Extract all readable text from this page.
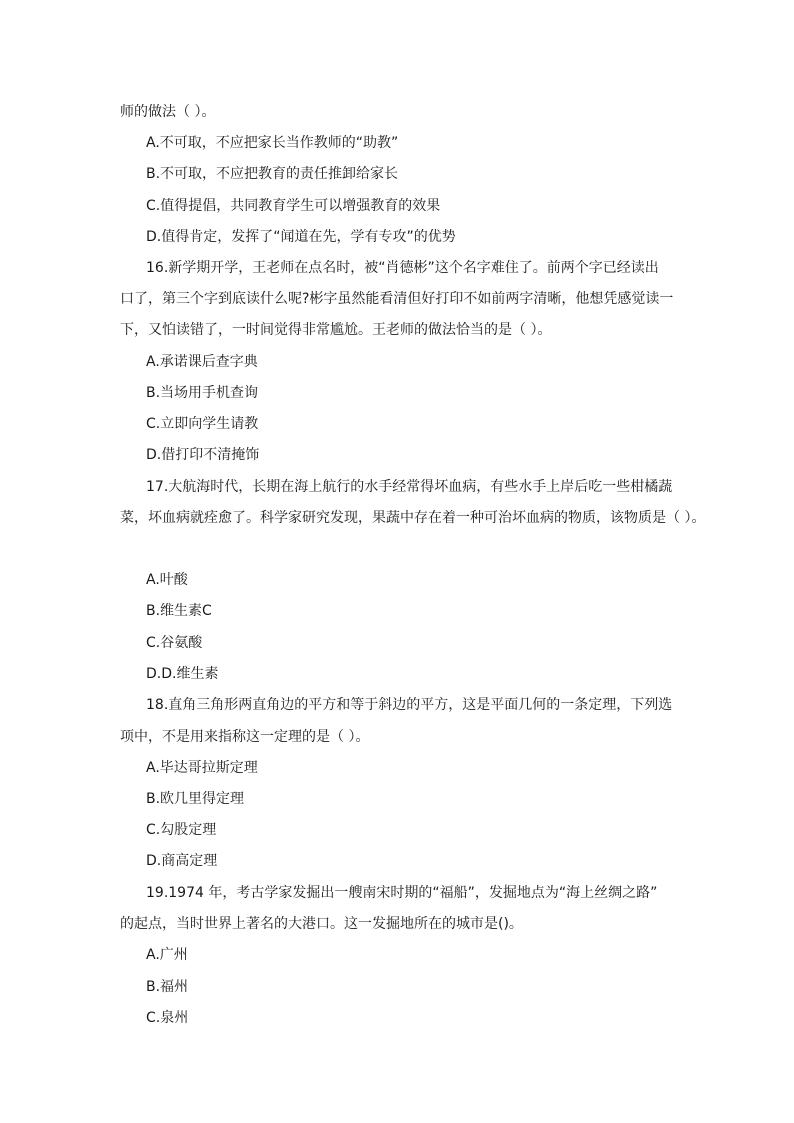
师的做法（ ）。
A.不可取，不应把家长当作教师的“助教”
B.不可取，不应把教育的责任推卸给家长
C.值得提倡，共同教育学生可以增强教育的效果
D.值得肯定，发挥了“闻道在先，学有专攻”的优势
16.新学期开学，王老师在点名时，被“肖德彬”这个名字难住了。前两个字已经读出
口了，第三个字到底读什么呢?彬字虽然能看清但好打印不如前两字清晰，他想凭感觉读一
下，又怕读错了，一时间觉得非常尴尬。王老师的做法恰当的是（ ）。
A.承诺课后查字典
B.当场用手机查询
C.立即向学生请教
D.借打印不清掩饰
17.大航海时代，长期在海上航行的水手经常得坏血病，有些水手上岸后吃一些柑橘蔬
菜，坏血病就痊愈了。科学家研究发现，果蔬中存在着一种可治坏血病的物质，该物质是（ ）。
A.叶酸
B.维生素C
C.谷氨酸
D.D.维生素
18.直角三角形两直角边的平方和等于斜边的平方，这是平面几何的一条定理，下列选
项中，不是用来指称这一定理的是（ ）。
A.毕达哥拉斯定理
B.欧几里得定理
C.勾股定理
D.商高定理
19.1974 年，考古学家发掘出一艘南宋时期的“福船”，发掘地点为“海上丝绸之路”
的起点，当时世界上著名的大港口。这一发掘地所在的城市是()。
A.广州
B.福州
C.泉州
